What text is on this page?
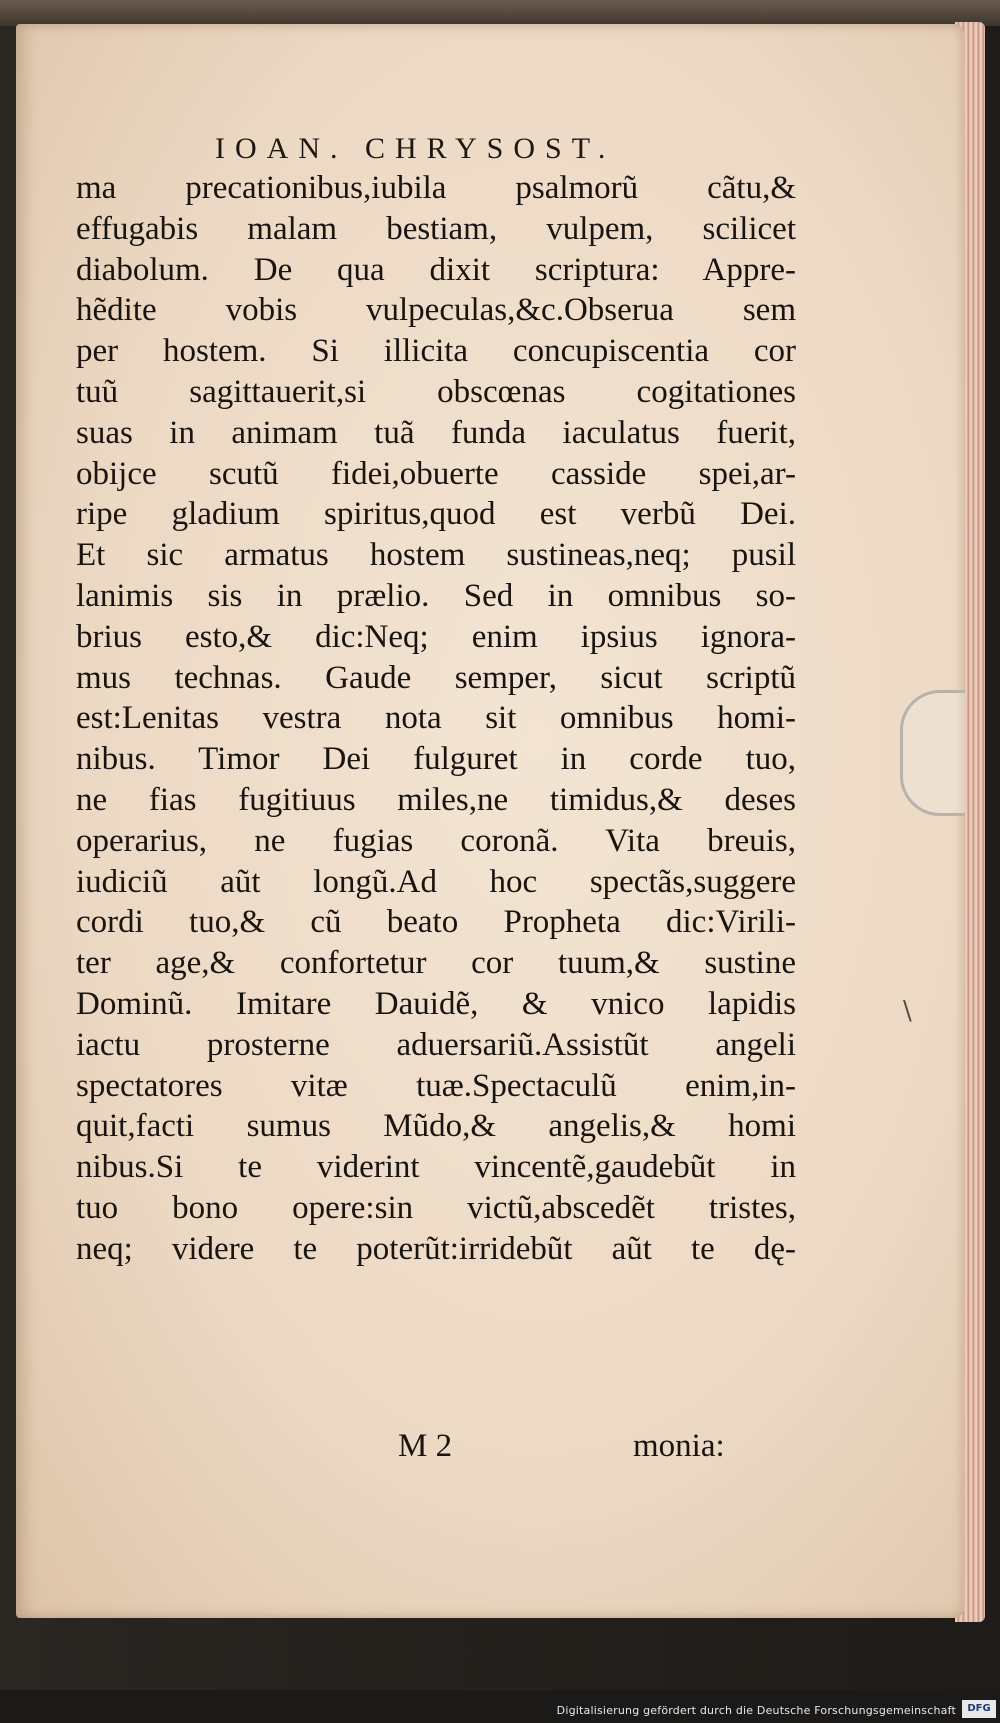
IOAN. CHRYSOST.
ma precationibus,iubila psalmorũ cãtu,&
effugabis malam bestiam, vulpem, scilicet
diabolum. De qua dixit scriptura: Appre-
hẽdite vobis vulpeculas,&c.Obserua sem
per hostem. Si illicita concupiscentia cor
tuũ sagittauerit,si obscœnas cogitationes
suas in animam tuã funda iaculatus fuerit,
obijce scutũ fidei,obuerte casside spei,ar-
ripe gladium spiritus,quod est verbũ Dei.
Et sic armatus hostem sustineas,neq; pusil
lanimis sis in prælio. Sed in omnibus so-
brius esto,& dic:Neq; enim ipsius ignora-
mus technas. Gaude semper, sicut scriptũ
est:Lenitas vestra nota sit omnibus homi-
nibus. Timor Dei fulguret in corde tuo,
ne fias fugitiuus miles,ne timidus,& deses
operarius, ne fugias coronã. Vita breuis,
iudiciũ aũt longũ.Ad hoc spectãs,suggere
cordi tuo,& cũ beato Propheta dic:Virili-
ter age,& confortetur cor tuum,& sustine
Dominũ. Imitare Dauidẽ, & vnico lapidis
iactu prosterne aduersariũ.Assistũt angeli
spectatores vitæ tuæ.Spectaculũ enim,in-
quit,facti sumus Mũdo,& angelis,& homi
nibus.Si te viderint vincentẽ,gaudebũt in
tuo bono opere:sin victũ,abscedẽt tristes,
neq; videre te poterũt:irridebũt aũt te dę-
M 2	monia:
\
Digitalisierung gefördert durch die Deutsche Forschungsgemeinschaft	DFG
